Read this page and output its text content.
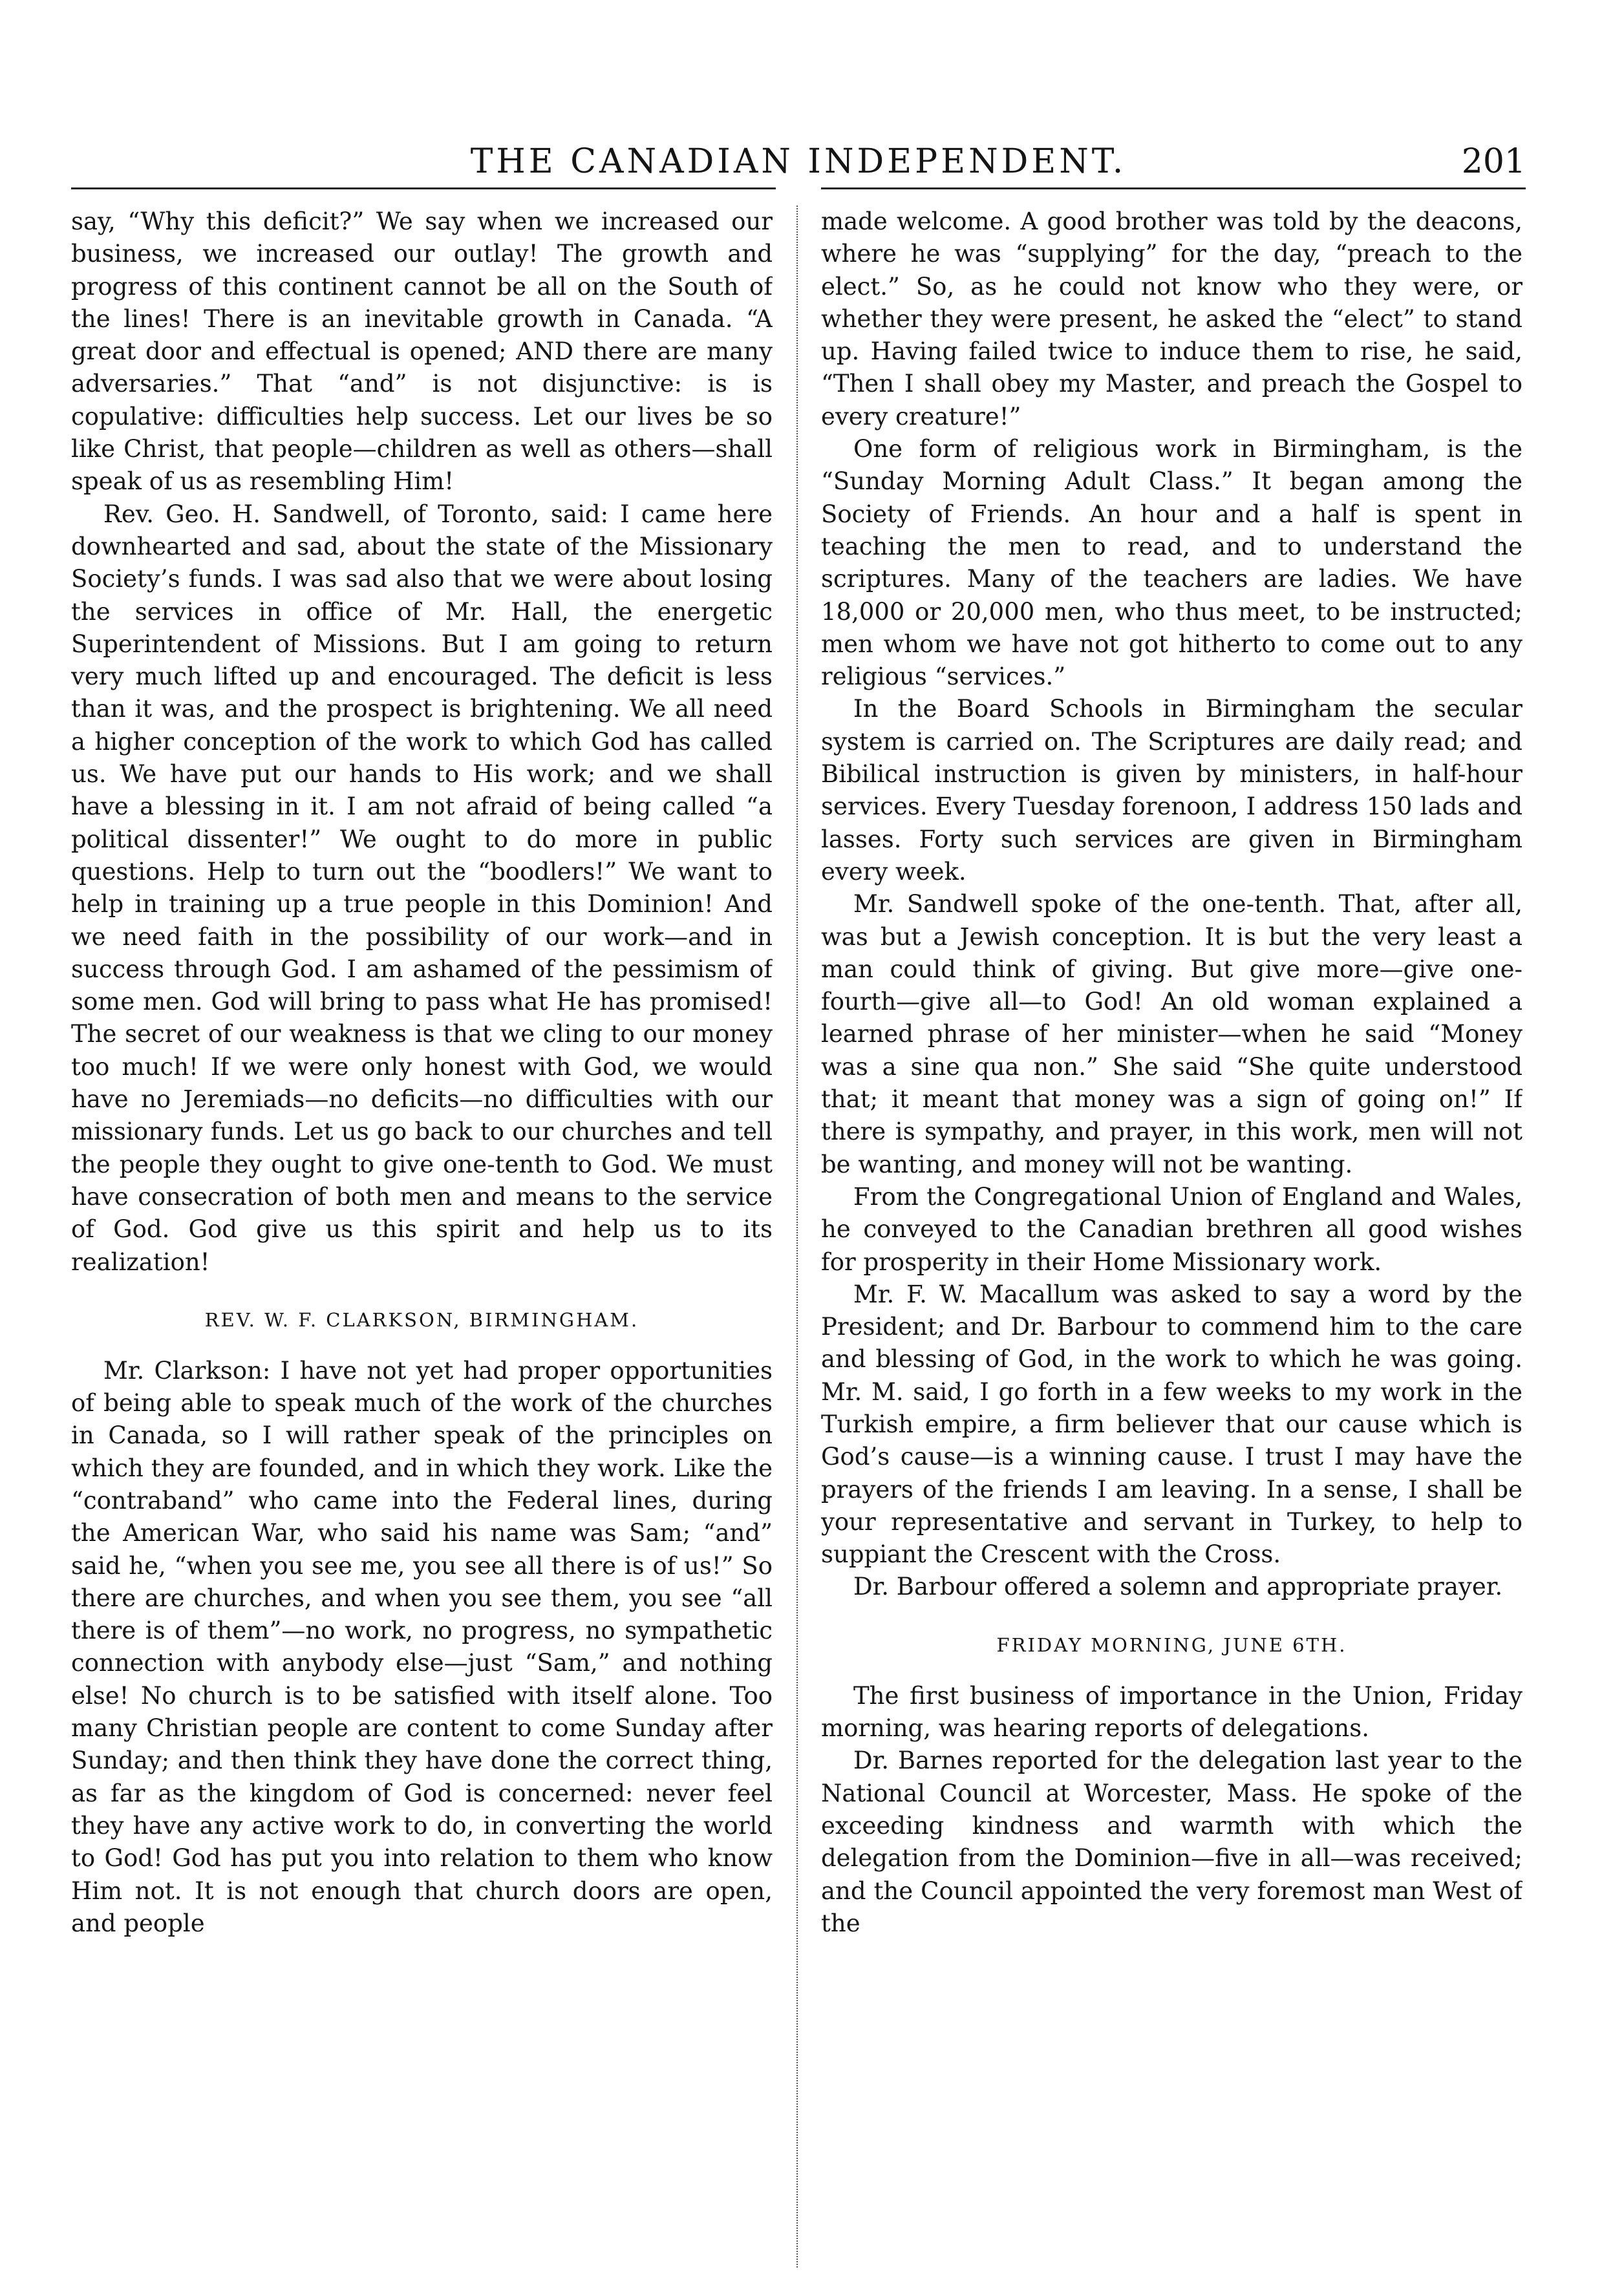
THE CANADIAN INDEPENDENT.	201

say, “Why this deficit?” We say when we increased our business, we increased our outlay! The growth and progress of this continent cannot be all on the South of the lines! There is an inevitable growth in Canada. “A great door and effectual is opened; AND there are many adversaries.” That “and” is not disjunctive: is is copulative: difficulties help success. Let our lives be so like Christ, that people—children as well as others—shall speak of us as resembling Him!

Rev. Geo. H. Sandwell, of Toronto, said: I came here downhearted and sad, about the state of the Missionary Society’s funds. I was sad also that we were about losing the services in office of Mr. Hall, the energetic Superintendent of Missions. But I am going to return very much lifted up and encouraged. The deficit is less than it was, and the prospect is brightening. We all need a higher conception of the work to which God has called us. We have put our hands to His work; and we shall have a blessing in it. I am not afraid of being called “a political dissenter!” We ought to do more in public questions. Help to turn out the “boodlers!” We want to help in training up a true people in this Dominion! And we need faith in the possibility of our work—and in success through God. I am ashamed of the pessimism of some men. God will bring to pass what He has promised! The secret of our weakness is that we cling to our money too much! If we were only honest with God, we would have no Jeremiads—no deficits—no difficulties with our missionary funds. Let us go back to our churches and tell the people they ought to give one-tenth to God. We must have consecration of both men and means to the service of God. God give us this spirit and help us to its realization!

REV. W. F. CLARKSON, BIRMINGHAM.

Mr. Clarkson: I have not yet had proper opportunities of being able to speak much of the work of the churches in Canada, so I will rather speak of the principles on which they are founded, and in which they work. Like the “contraband” who came into the Federal lines, during the American War, who said his name was Sam; “and” said he, “when you see me, you see all there is of us!” So there are churches, and when you see them, you see “all there is of them”—no work, no progress, no sympathetic connection with anybody else—just “Sam,” and nothing else! No church is to be satisfied with itself alone. Too many Christian people are content to come Sunday after Sunday; and then think they have done the correct thing, as far as the kingdom of God is concerned: never feel they have any active work to do, in converting the world to God! God has put you into relation to them who know Him not. It is not enough that church doors are open, and people

made welcome. A good brother was told by the deacons, where he was “supplying” for the day, “preach to the elect.” So, as he could not know who they were, or whether they were present, he asked the “elect” to stand up. Having failed twice to induce them to rise, he said, “Then I shall obey my Master, and preach the Gospel to every creature!”

One form of religious work in Birmingham, is the “Sunday Morning Adult Class.” It began among the Society of Friends. An hour and a half is spent in teaching the men to read, and to understand the scriptures. Many of the teachers are ladies. We have 18,000 or 20,000 men, who thus meet, to be instructed; men whom we have not got hitherto to come out to any religious “services.”

In the Board Schools in Birmingham the secular system is carried on. The Scriptures are daily read; and Bibilical instruction is given by ministers, in half-hour services. Every Tuesday forenoon, I address 150 lads and lasses. Forty such services are given in Birmingham every week.

Mr. Sandwell spoke of the one-tenth. That, after all, was but a Jewish conception. It is but the very least a man could think of giving. But give more—give one-fourth—give all—to God! An old woman explained a learned phrase of her minister—when he said “Money was a sine qua non.” She said “She quite understood that; it meant that money was a sign of going on!” If there is sympathy, and prayer, in this work, men will not be wanting, and money will not be wanting.

From the Congregational Union of England and Wales, he conveyed to the Canadian brethren all good wishes for prosperity in their Home Missionary work.

Mr. F. W. Macallum was asked to say a word by the President; and Dr. Barbour to commend him to the care and blessing of God, in the work to which he was going. Mr. M. said, I go forth in a few weeks to my work in the Turkish empire, a firm believer that our cause which is God’s cause—is a winning cause. I trust I may have the prayers of the friends I am leaving. In a sense, I shall be your representative and servant in Turkey, to help to suppiant the Crescent with the Cross.

Dr. Barbour offered a solemn and appropriate prayer.

FRIDAY MORNING, JUNE 6TH.

The first business of importance in the Union, Friday morning, was hearing reports of delegations.

Dr. Barnes reported for the delegation last year to the National Council at Worcester, Mass. He spoke of the exceeding kindness and warmth with which the delegation from the Dominion—five in all—was received; and the Council appointed the very foremost man West of the
